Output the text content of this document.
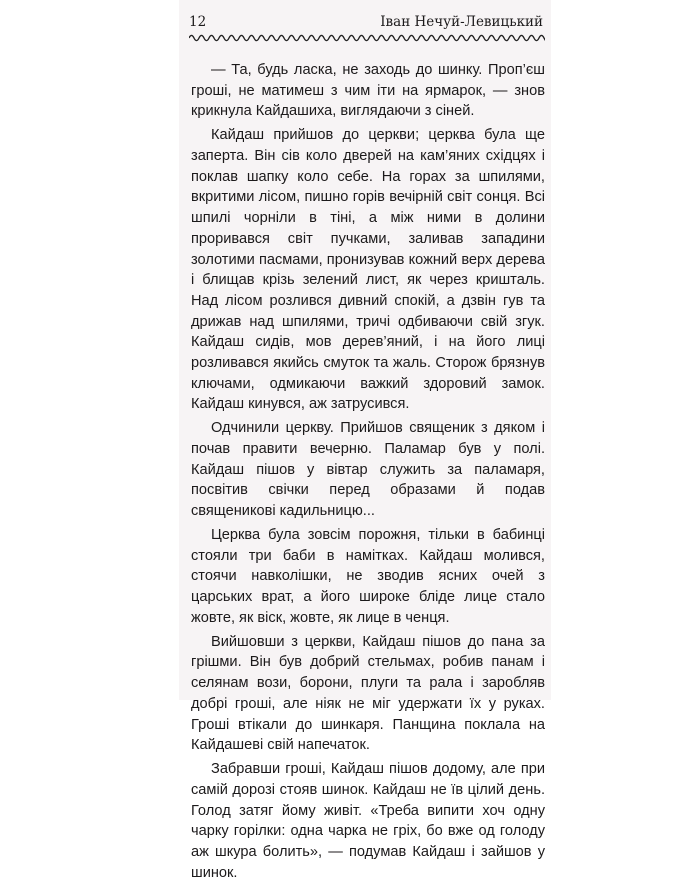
12	Іван Нечуй-Левицький

— Та, будь ласка, не заходь до шинку. Проп’єш гроші, не матимеш з чим іти на ярмарок, — знов крикнула Кайдашиха, виглядаючи з сіней.

Кайдаш прийшов до церкви; церква була ще заперта. Він сів коло дверей на кам’яних східцях і поклав шапку коло себе. На горах за шпилями, вкритими лісом, пишно горів вечірній світ сонця. Всі шпилі чорніли в тіні, а між ними в долини проривався світ пучками, заливав западини золотими пасмами, пронизував кожний верх дерева і блищав крізь зелений лист, як через кришталь. Над лісом розлився дивний спокій, а дзвін гув та дрижав над шпилями, тричі одбиваючи свій згук. Кайдаш сидів, мов дерев’яний, і на його лиці розливався якийсь смуток та жаль. Сторож брязнув ключами, одмикаючи важкий здоровий замок. Кайдаш кинувся, аж затрусився.

Одчинили церкву. Прийшов священик з дяком і почав правити вечерню. Паламар був у полі. Кайдаш пішов у вівтар служить за паламаря, посвітив свічки перед образами й подав священикові кадильницю...

Церква була зовсім порожня, тільки в бабинці стояли три баби в намітках. Кайдаш молився, стоячи навколішки, не зводив ясних очей з царських врат, а його широке бліде лице стало жовте, як віск, жовте, як лице в ченця.

Вийшовши з церкви, Кайдаш пішов до пана за грішми. Він був добрий стельмах, робив панам і селянам вози, борони, плуги та рала і заробляв добрі гроші, але ніяк не міг удержати їх у руках. Гроші втікали до шинкаря. Панщина поклала на Кайдашеві свій напечаток.

Забравши гроші, Кайдаш пішов додому, але при самій дорозі стояв шинок. Кайдаш не їв цілий день. Голод затяг йому живіт. «Треба випити хоч одну чарку горілки: одна чарка не гріх, бо вже од голоду аж шкура болить», — подумав Кайдаш і зайшов у шинок.
